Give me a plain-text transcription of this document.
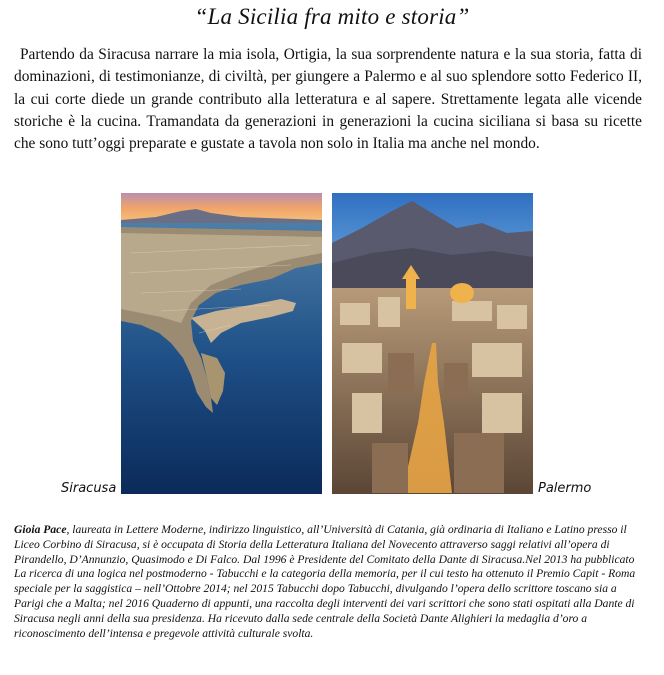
“La Sicilia fra mito e storia”

Partendo da Siracusa narrare la mia isola, Ortigia, la sua sorprendente natura e la sua storia, fatta di dominazioni, di testimonianze, di civiltà, per giungere a Palermo e al suo splendore sotto Federico II, la cui corte diede un grande contributo alla letteratura e al sapere. Strettamente legata alle vicende storiche è la cucina. Tramandata da generazioni in generazioni la cucina siciliana si basa su ricette che sono tutt’oggi preparate e gustate a tavola non solo in Italia ma anche nel mondo.

Siracusa	Palermo

Gioia Pace, laureata in Lettere Moderne, indirizzo linguistico, all’Università di Catania, già ordinaria di Italiano e Latino presso il Liceo Corbino di Siracusa, si è occupata di Storia della Letteratura Italiana del Novecento attraverso saggi relativi all’opera di Pirandello, D’Annunzio, Quasimodo e Di Falco. Dal 1996 è Presidente del Comitato della Dante di Siracusa.Nel 2013 ha pubblicato La ricerca di una logica nel postmoderno - Tabucchi e la categoria della memoria, per il cui testo ha ottenuto il Premio Capit - Roma speciale per la saggistica – nell’Ottobre 2014; nel 2015 Tabucchi dopo Tabucchi, divulgando l’opera dello scrittore toscano sia a Parigi che a Malta; nel 2016 Quaderno di appunti, una raccolta degli interventi dei vari scrittori che sono stati ospitati alla Dante di Siracusa negli anni della sua presidenza. Ha ricevuto dalla sede centrale della Società Dante Alighieri la medaglia d’oro a riconoscimento dell’intensa e pregevole attività culturale svolta.
